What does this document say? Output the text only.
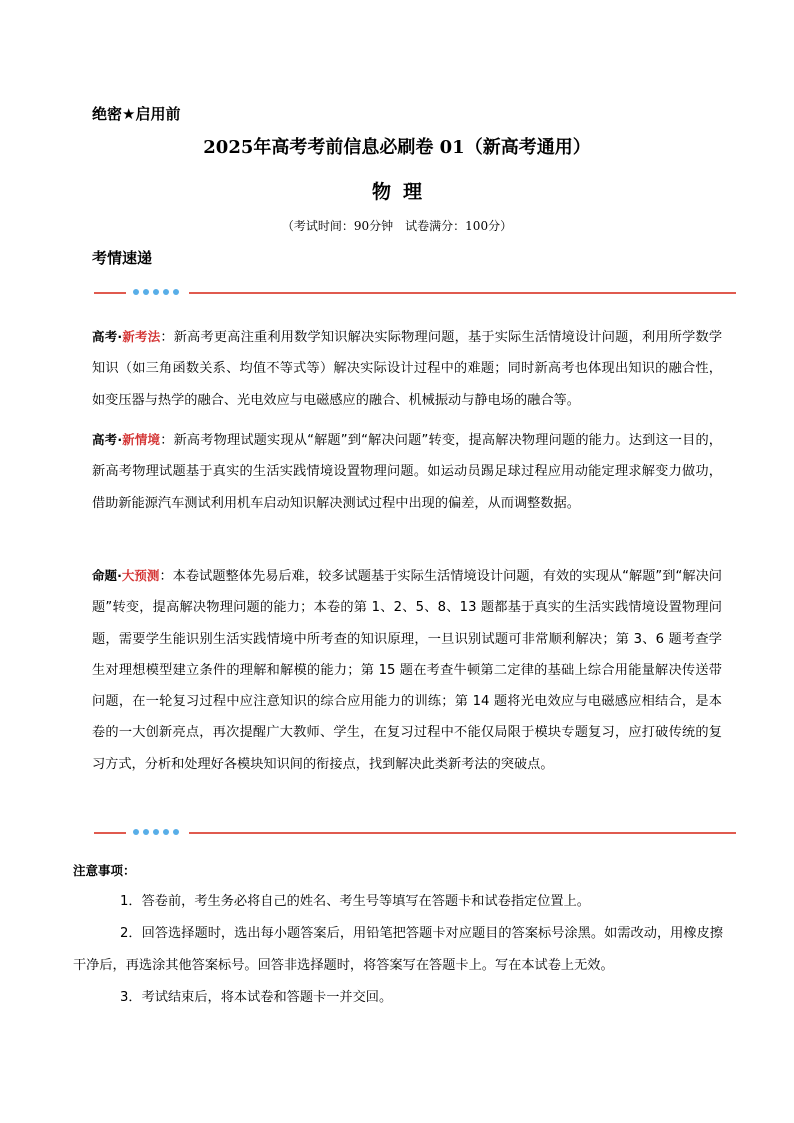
绝密★启用前
2025年高考考前信息必刷卷 01（新高考通用）
物 理
（考试时间：90分钟　试卷满分：100分）
考情速递
高考·新考法：新高考更高注重利用数学知识解决实际物理问题，基于实际生活情境设计问题，利用所学数学知识（如三角函数关系、均值不等式等）解决实际设计过程中的难题；同时新高考也体现出知识的融合性，如变压器与热学的融合、光电效应与电磁感应的融合、机械振动与静电场的融合等。
高考·新情境：新高考物理试题实现从“解题”到“解决问题”转变，提高解决物理问题的能力。达到这一目的，新高考物理试题基于真实的生活实践情境设置物理问题。如运动员踢足球过程应用动能定理求解变力做功，借助新能源汽车测试利用机车启动知识解决测试过程中出现的偏差，从而调整数据。
命题·大预测：本卷试题整体先易后难，较多试题基于实际生活情境设计问题，有效的实现从“解题”到“解决问题”转变，提高解决物理问题的能力；本卷的第 1、2、5、8、13 题都基于真实的生活实践情境设置物理问题，需要学生能识别生活实践情境中所考查的知识原理，一旦识别试题可非常顺利解决；第 3、6 题考查学生对理想模型建立条件的理解和解模的能力；第 15 题在考查牛顿第二定律的基础上综合用能量解决传送带问题，在一轮复习过程中应注意知识的综合应用能力的训练；第 14 题将光电效应与电磁感应相结合，是本卷的一大创新亮点，再次提醒广大教师、学生，在复习过程中不能仅局限于模块专题复习，应打破传统的复习方式，分析和处理好各模块知识间的衔接点，找到解决此类新考法的突破点。
注意事项：
1．答卷前，考生务必将自己的姓名、考生号等填写在答题卡和试卷指定位置上。
2．回答选择题时，选出每小题答案后，用铅笔把答题卡对应题目的答案标号涂黑。如需改动，用橡皮擦干净后，再选涂其他答案标号。回答非选择题时，将答案写在答题卡上。写在本试卷上无效。
3．考试结束后，将本试卷和答题卡一并交回。
